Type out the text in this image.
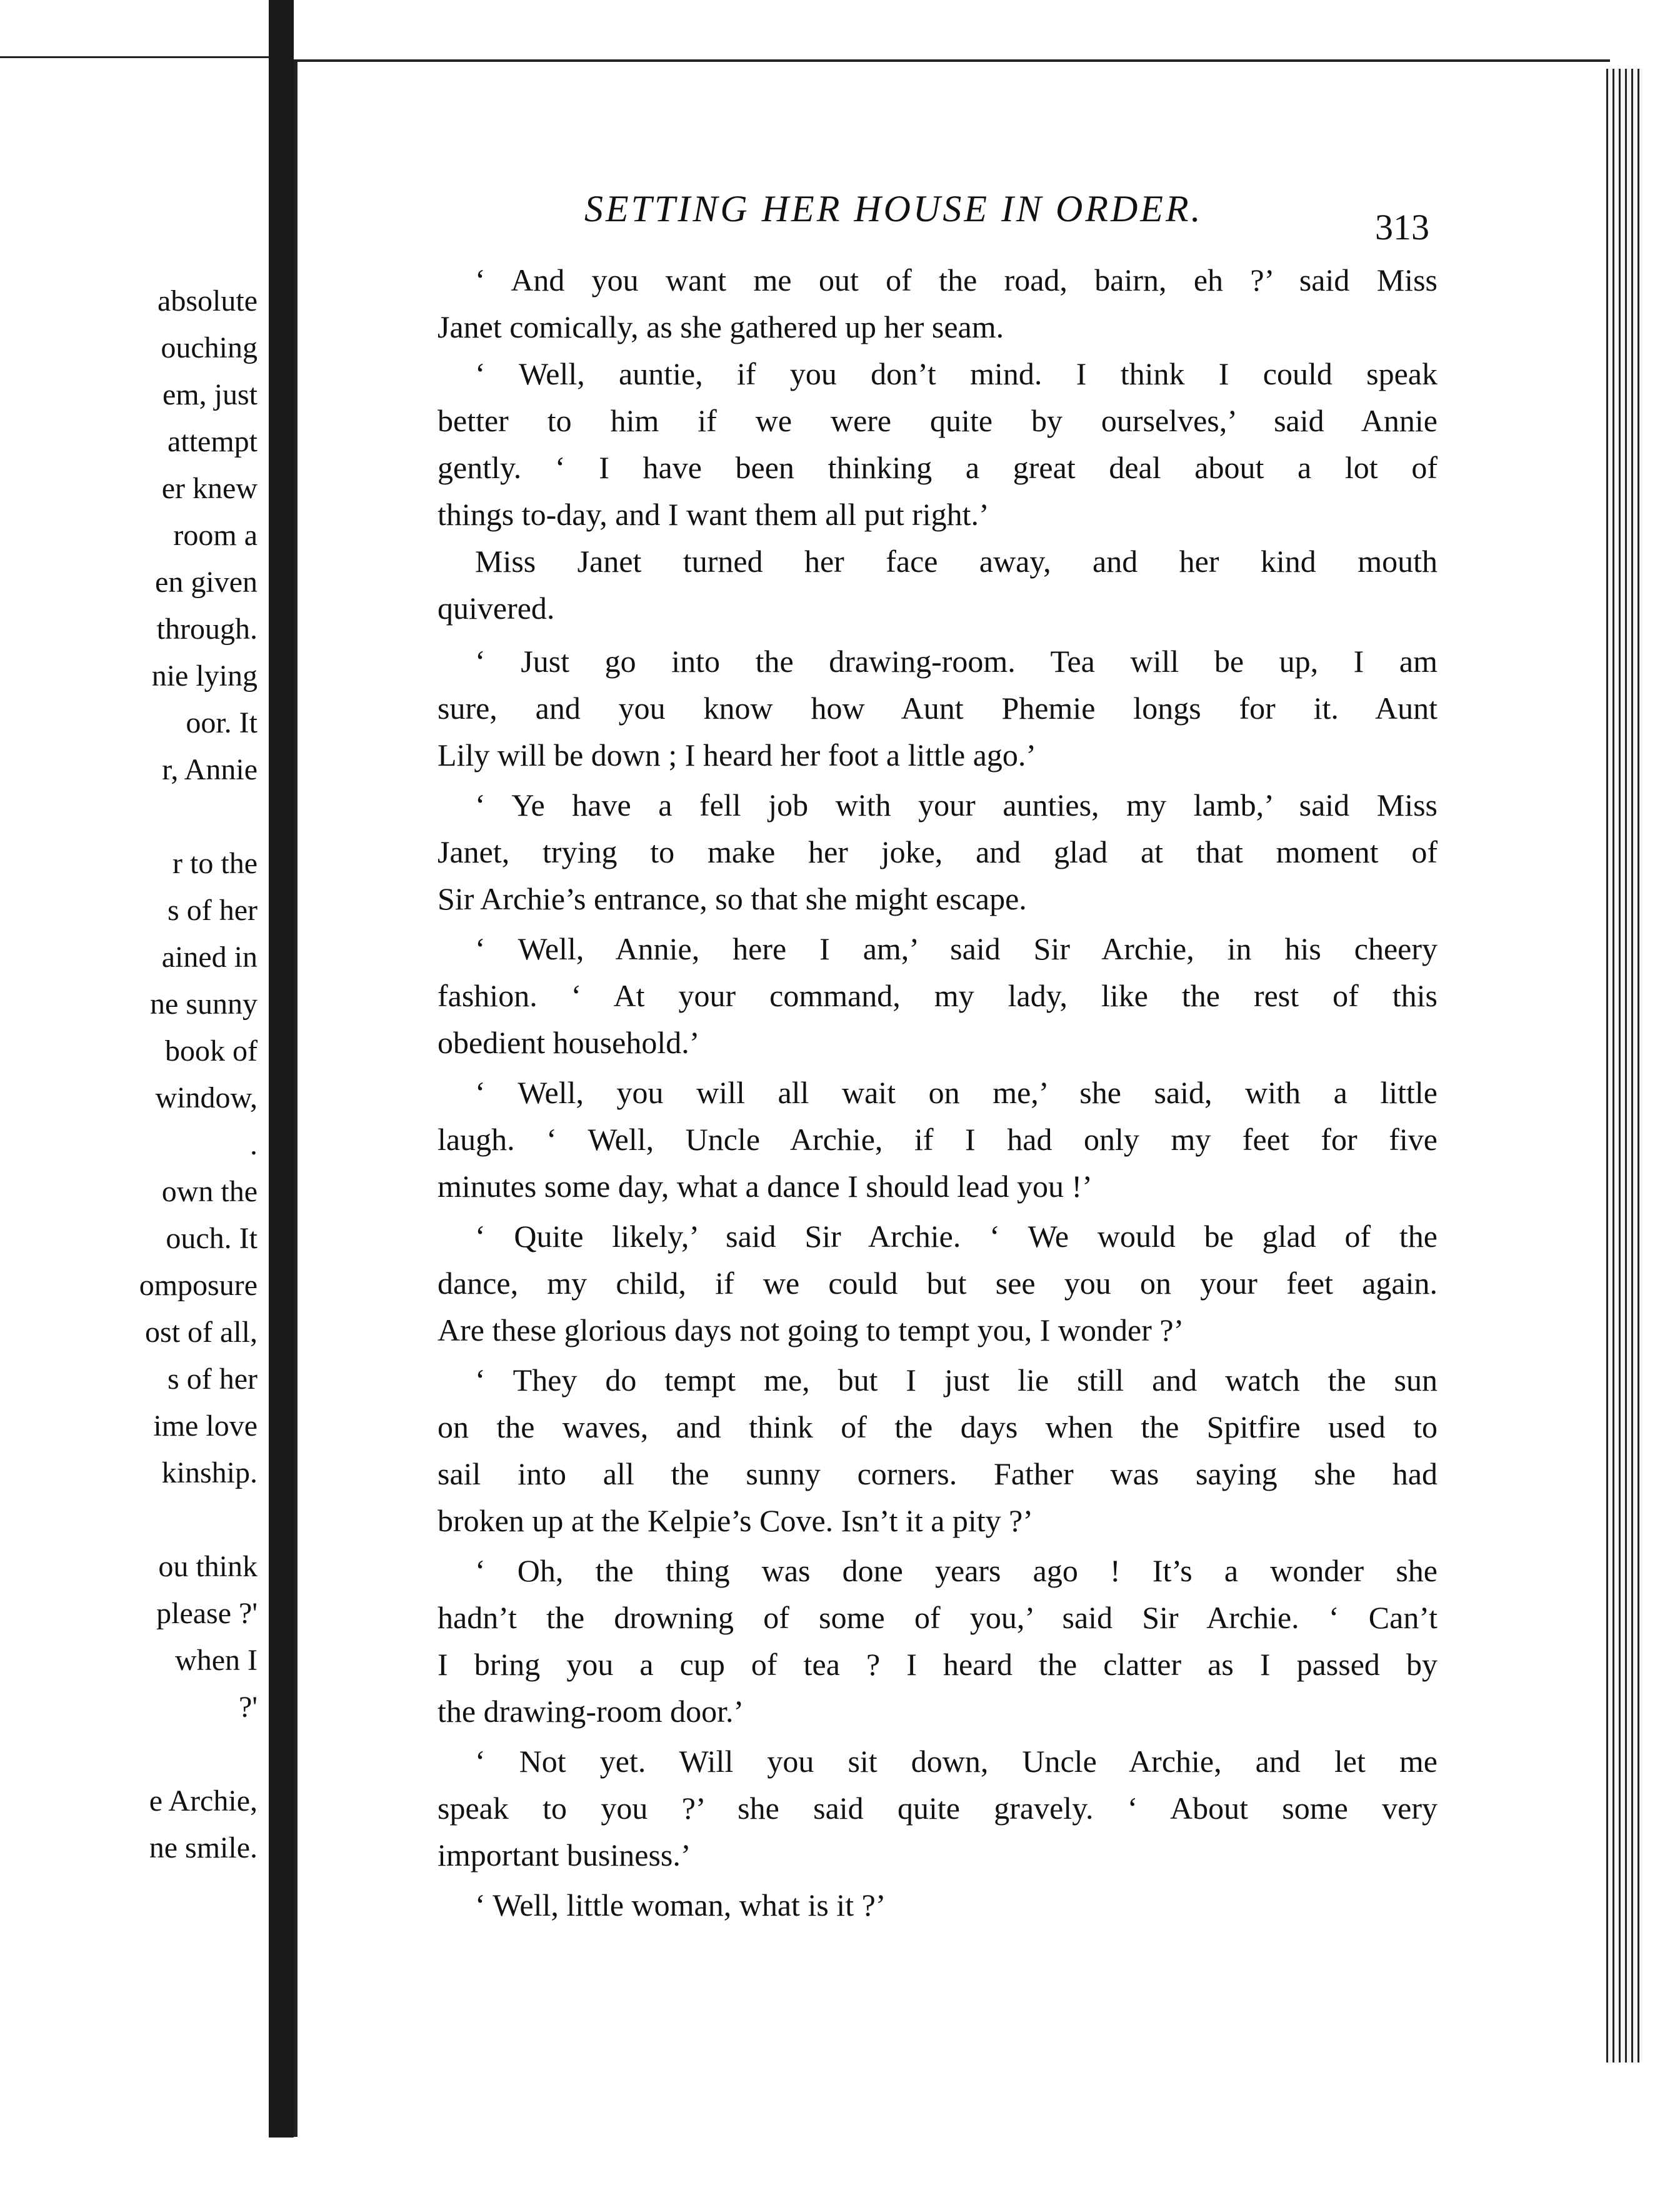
absolute
ouching
em, just
attempt
er knew
room a
en given
through.
nie lying
oor. It
r, Annie
r to the
s of her
ained in
ne sunny
book of
window,
.
own the
ouch. It
omposure
ost of all,
s of her
ime love
kinship.
ou think
please ?'
when I
?'
e Archie,
ne smile.
SETTING HER HOUSE IN ORDER.	313
‘ And you want me out of the road, bairn, eh ?’ said Miss
Janet comically, as she gathered up her seam.
‘ Well, auntie, if you don’t mind. I think I could speak
better to him if we were quite by ourselves,’ said Annie
gently. ‘ I have been thinking a great deal about a lot of
things to-day, and I want them all put right.’
Miss Janet turned her face away, and her kind mouth
quivered.
‘ Just go into the drawing-room. Tea will be up, I am
sure, and you know how Aunt Phemie longs for it. Aunt
Lily will be down ; I heard her foot a little ago.’
‘ Ye have a fell job with your aunties, my lamb,’ said Miss
Janet, trying to make her joke, and glad at that moment of
Sir Archie’s entrance, so that she might escape.
‘ Well, Annie, here I am,’ said Sir Archie, in his cheery
fashion. ‘ At your command, my lady, like the rest of this
obedient household.’
‘ Well, you will all wait on me,’ she said, with a little
laugh. ‘ Well, Uncle Archie, if I had only my feet for five
minutes some day, what a dance I should lead you !’
‘ Quite likely,’ said Sir Archie. ‘ We would be glad of the
dance, my child, if we could but see you on your feet again.
Are these glorious days not going to tempt you, I wonder ?’
‘ They do tempt me, but I just lie still and watch the sun
on the waves, and think of the days when the Spitfire used to
sail into all the sunny corners. Father was saying she had
broken up at the Kelpie’s Cove. Isn’t it a pity ?’
‘ Oh, the thing was done years ago ! It’s a wonder she
hadn’t the drowning of some of you,’ said Sir Archie. ‘ Can’t
I bring you a cup of tea ? I heard the clatter as I passed by
the drawing-room door.’
‘ Not yet. Will you sit down, Uncle Archie, and let me
speak to you ?’ she said quite gravely. ‘ About some very
important business.’
‘ Well, little woman, what is it ?’
